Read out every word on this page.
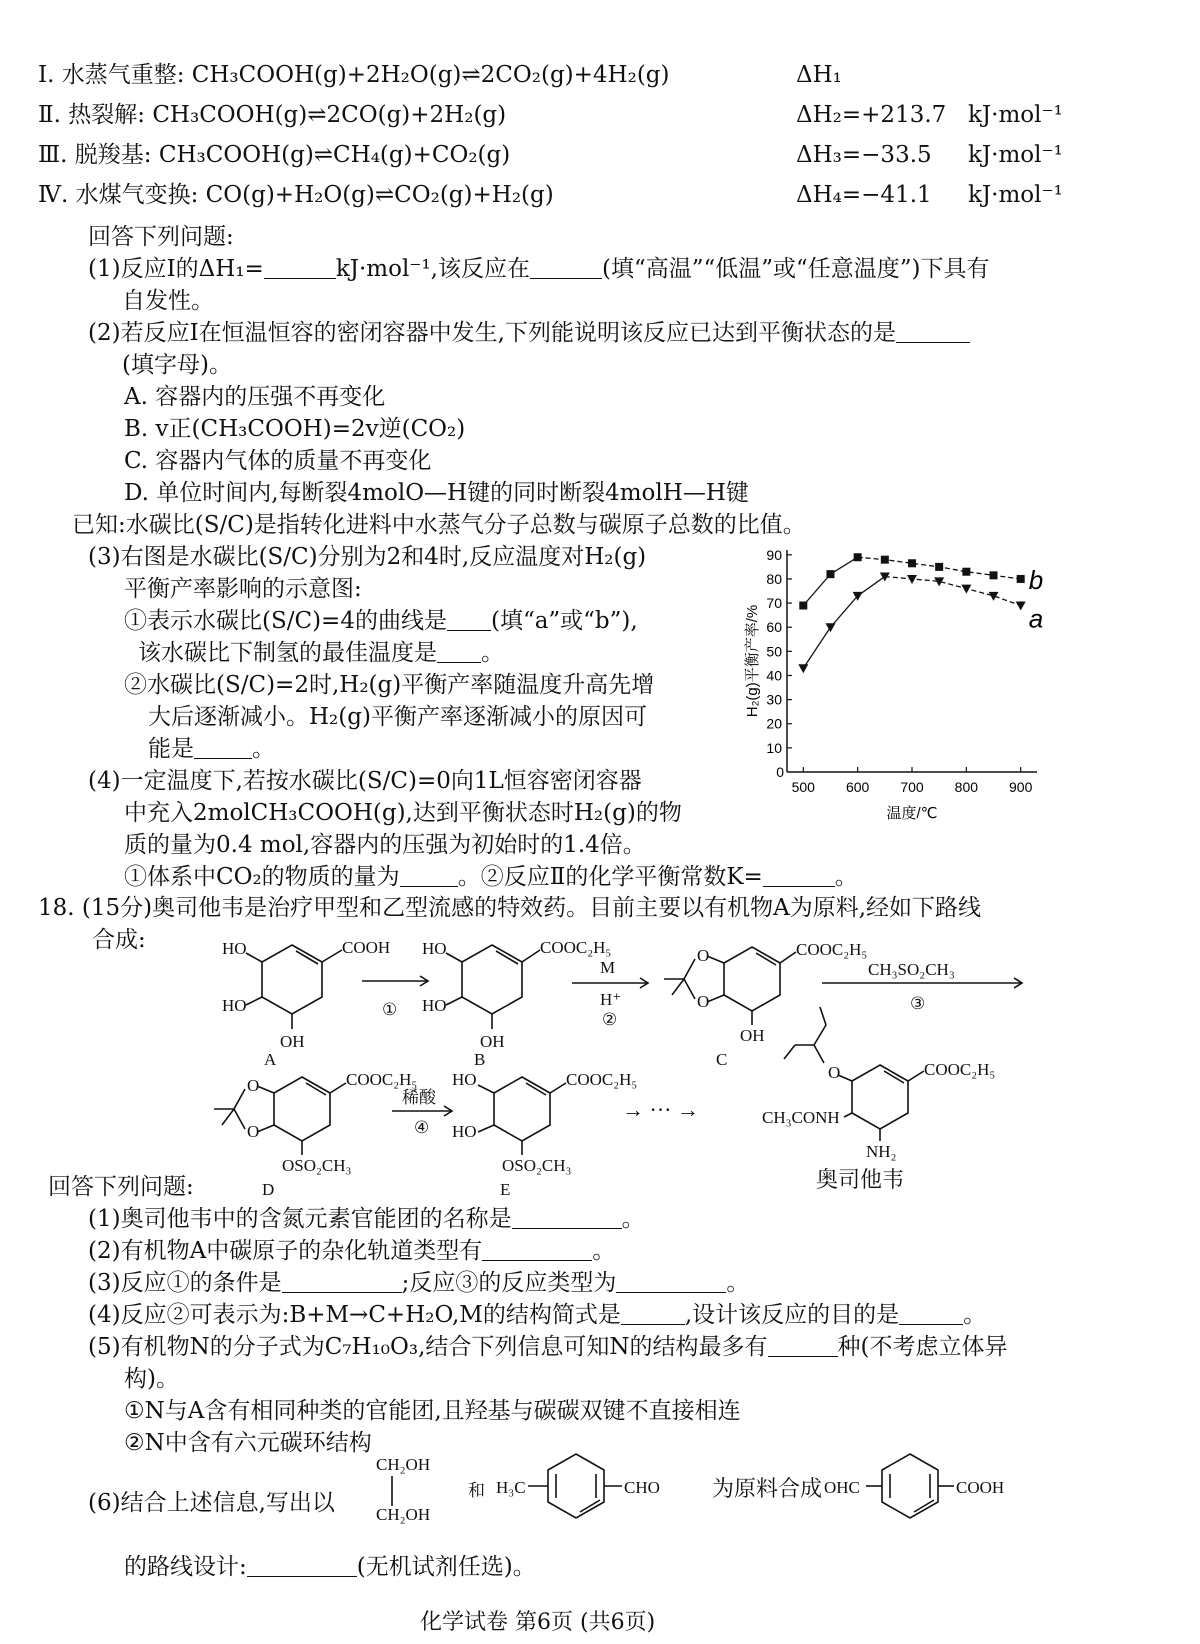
Ⅰ. 水蒸气重整: CH₃COOH(g)+2H₂O(g)⇌2CO₂(g)+4H₂(g)	ΔH₁
Ⅱ. 热裂解: CH₃COOH(g)⇌2CO(g)+2H₂(g)	ΔH₂=+213.7 kJ·mol⁻¹
Ⅲ. 脱羧基: CH₃COOH(g)⇌CH₄(g)+CO₂(g)	ΔH₃=−33.5 kJ·mol⁻¹
Ⅳ. 水煤气变换: CO(g)+H₂O(g)⇌CO₂(g)+H₂(g)	ΔH₄=−41.1 kJ·mol⁻¹
回答下列问题:
(1)反应Ⅰ的ΔH₁=	kJ·mol⁻¹,该反应在	(填“高温”“低温”或“任意温度”)下具有
自发性。
(2)若反应Ⅰ在恒温恒容的密闭容器中发生,下列能说明该反应已达到平衡状态的是
(填字母)。
A. 容器内的压强不再变化
B. v正(CH₃COOH)=2v逆(CO₂)
C. 容器内气体的质量不再变化
D. 单位时间内,每断裂4molO—H键的同时断裂4molH—H键
已知:水碳比(S/C)是指转化进料中水蒸气分子总数与碳原子总数的比值。
(3)右图是水碳比(S/C)分别为2和4时,反应温度对H₂(g)
平衡产率影响的示意图:
①表示水碳比(S/C)=4的曲线是 (填“a”或“b”),
该水碳比下制氢的最佳温度是 。
②水碳比(S/C)=2时,H₂(g)平衡产率随温度升高先增
大后逐渐减小。H₂(g)平衡产率逐渐减小的原因可
能是	。
(4)一定温度下,若按水碳比(S/C)=0向1L恒容密闭容器
中充入2molCH₃COOH(g),达到平衡状态时H₂(g)的物
质的量为0.4 mol,容器内的压强为初始时的1.4倍。
①体系中CO₂的物质的量为	。②反应Ⅱ的化学平衡常数K=	。
10
20
30
40
50
60
70
80
90
0
500 600 700 800 900
温度/℃
H₂(g)平衡产率/%
b
a
18. (15分)奥司他韦是治疗甲型和乙型流感的特效药。目前主要以有机物A为原料,经如下路线
合成:	HO
HO
OH
COOH HO
HO
OH
COOC₂H₅	O
O
COOC₂H₅
OH
O
O
COOC₂H₅
OSO₂CH₃
HO
HO
COOC₂H₅
OSO₂CH₃
O	COOC₂H₅
CH₃CONH
NH₂
①
M
H⁺
②
CH₃SO₂CH₃
③
稀酸
④
→ ··· →
A	B	C
D	E	奥司他韦
回答下列问题:
(1)奥司他韦中的含氮元素官能团的名称是	。
(2)有机物A中碳原子的杂化轨道类型有	。
(3)反应①的条件是	;反应③的反应类型为	。
(4)反应②可表示为:B+M→C+H₂O,M的结构简式是	,设计该反应的目的是	。
(5)有机物N的分子式为C₇H₁₀O₃,结合下列信息可知N的结构最多有	种(不考虑立体异
构)。
①N与A含有相同种类的官能团,且羟基与碳碳双键不直接相连
②N中含有六元碳环结构
(6)结合上述信息,写出以
CH₂OH
CH₂OH
和 H₃C	CHO 为原料合成 OHC	COOH
的路线设计:	(无机试剂任选)。
化学试卷 第6页 (共6页)
